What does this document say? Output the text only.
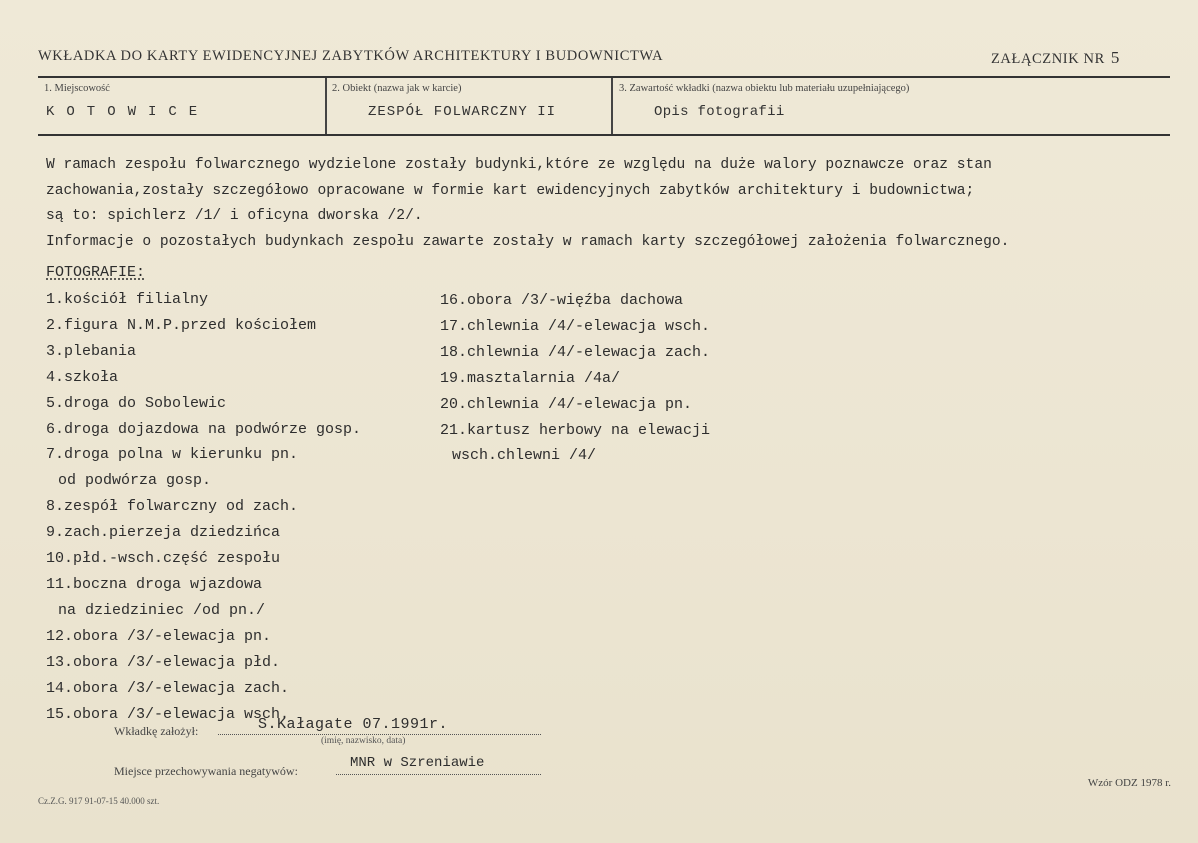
WKŁADKA DO KARTY EWIDENCYJNEJ ZABYTKÓW ARCHITEKTURY I BUDOWNICTWA	ZAŁĄCZNIK NR 5
1. Miejscowość
KOTOWICE
2. Obiekt (nazwa jak w karcie)
ZESPÓŁ FOLWARCZNY II
3. Zawartość wkładki (nazwa obiektu lub materiału uzupełniającego)
Opis fotografii
W ramach zespołu folwarcznego wydzielone zostały budynki,które ze względu na duże walory poznawcze oraz stan
zachowania,zostały szczegółowo opracowane w formie kart ewidencyjnych zabytków architektury i budownictwa;
są to: spichlerz /1/ i oficyna dworska /2/.
Informacje o pozostałych budynkach zespołu zawarte zostały w ramach karty szczegółowej założenia folwarcznego.
FOTOGRAFIE:
1.kościół filialny
2.figura N.M.P.przed kościołem
3.plebania
4.szkoła
5.droga do Sobolewic
6.droga dojazdowa na podwórze gosp.
7.droga polna w kierunku pn.
od podwórza gosp.
8.zespół folwarczny od zach.
9.zach.pierzeja dziedzińca
10.płd.-wsch.część zespołu
11.boczna droga wjazdowa
na dziedziniec /od pn./
12.obora /3/-elewacja pn.
13.obora /3/-elewacja płd.
14.obora /3/-elewacja zach.
15.obora /3/-elewacja wsch.
16.obora /3/-więźba dachowa
17.chlewnia /4/-elewacja wsch.
18.chlewnia /4/-elewacja zach.
19.masztalarnia /4a/
20.chlewnia /4/-elewacja pn.
21.kartusz herbowy na elewacji
wsch.chlewni /4/
Wkładkę założył:	S.Kałagate 07.1991r.
(imię, nazwisko, data)
Miejsce przechowywania negatywów:	MNR w Szreniawie
Cz.Z.G. 917 91-07-15 40.000 szt.
Wzór ODZ 1978 r.
